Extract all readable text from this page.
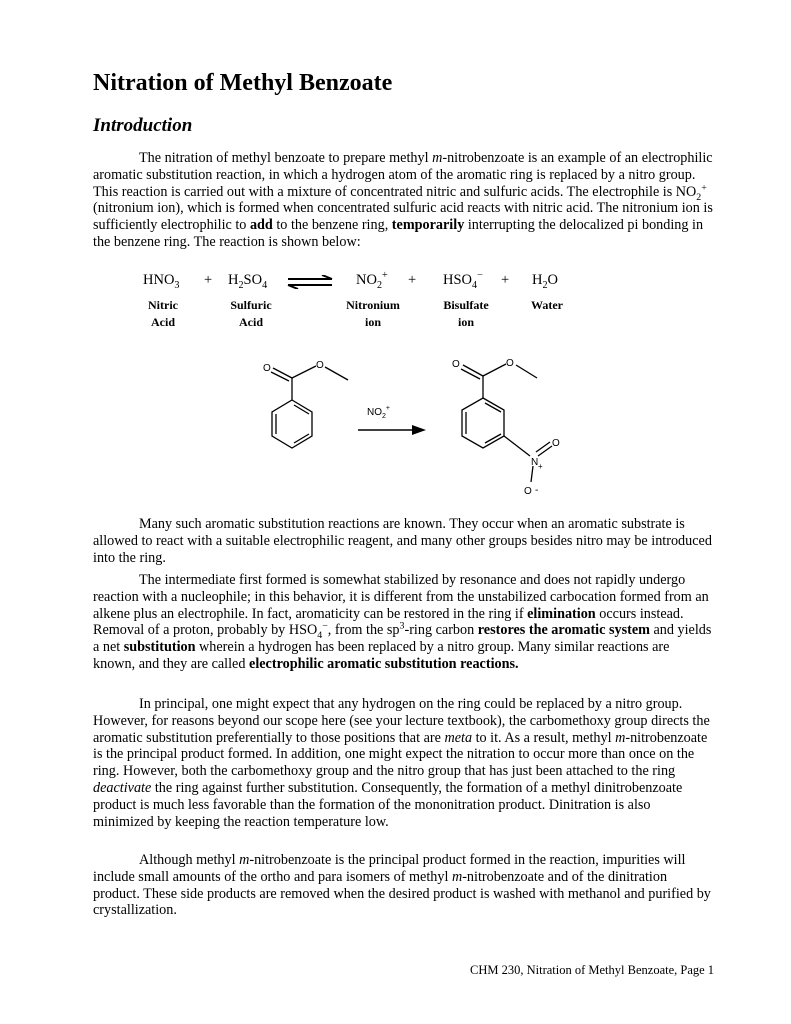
Nitration of Methyl Benzoate
Introduction

The nitration of methyl benzoate to prepare methyl m-nitrobenzoate is an example of an electrophilic aromatic substitution reaction, in which a hydrogen atom of the aromatic ring is replaced by a nitro group. This reaction is carried out with a mixture of concentrated nitric and sulfuric acids. The electrophile is $NO_2^+$ (nitronium ion), which is formed when concentrated sulfuric acid reacts with nitric acid. The nitronium ion is sufficiently electrophilic to add to the benzene ring, temporarily interrupting the delocalized pi bonding in the benzene ring. The reaction is shown below:

$HNO_3 + H_2SO_4$ ⇌ $NO_2^+ + HSO_4^- + H_2O$
Nitric
Acid
Sulfuric
Acid
Nitronium
ion
Bisulfate
ion
Water
O	O
$NO_2^+$
O	O
N +
O
O -

Many such aromatic substitution reactions are known. They occur when an aromatic substrate is allowed to react with a suitable electrophilic reagent, and many other groups besides nitro may be introduced into the ring.

The intermediate first formed is somewhat stabilized by resonance and does not rapidly undergo reaction with a nucleophile; in this behavior, it is different from the unstabilized carbocation formed from an alkene plus an electrophile. In fact, aromaticity can be restored in the ring if elimination occurs instead. Removal of a proton, probably by $HSO_4^-$, from the $sp^3$-ring carbon restores the aromatic system and yields a net substitution wherein a hydrogen has been replaced by a nitro group. Many similar reactions are known, and they are called electrophilic aromatic substitution reactions.

In principal, one might expect that any hydrogen on the ring could be replaced by a nitro group. However, for reasons beyond our scope here (see your lecture textbook), the carbomethoxy group directs the aromatic substitution preferentially to those positions that are meta to it. As a result, methyl m-nitrobenzoate is the principal product formed. In addition, one might expect the nitration to occur more than once on the ring. However, both the carbomethoxy group and the nitro group that has just been attached to the ring deactivate the ring against further substitution. Consequently, the formation of a methyl dinitrobenzoate product is much less favorable than the formation of the mononitration product. Dinitration is also minimized by keeping the reaction temperature low.

Although methyl m-nitrobenzoate is the principal product formed in the reaction, impurities will include small amounts of the ortho and para isomers of methyl m-nitrobenzoate and of the dinitration product. These side products are removed when the desired product is washed with methanol and purified by crystallization.

CHM 230, Nitration of Methyl Benzoate, Page 1
